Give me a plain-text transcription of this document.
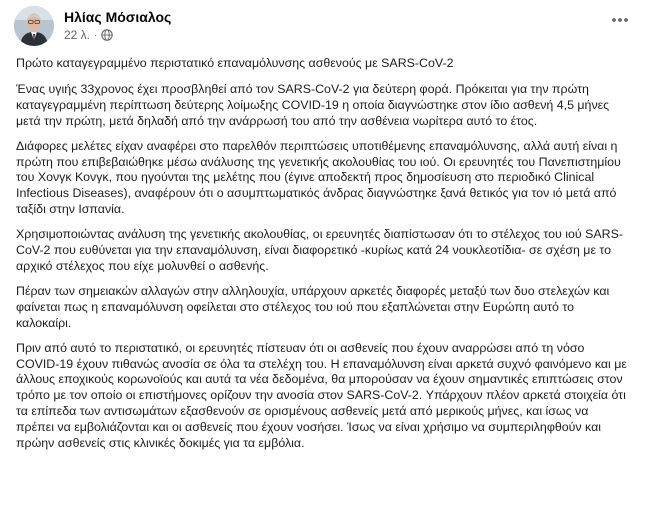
Ηλίας Μόσιαλος
22 λ. ·

Πρώτο καταγεγραμμένο περιστατικό επαναμόλυνσης ασθενούς με SARS-CoV-2

Ένας υγιής 33χρονος έχει προσβληθεί από τον SARS-CoV-2 για δεύτερη φορά. Πρόκειται για την πρώτη καταγεγραμμένη περίπτωση δεύτερης λοίμωξης COVID-19 η οποία διαγνώστηκε στον ίδιο ασθενή 4,5 μήνες μετά την πρώτη, μετά δηλαδή από την ανάρρωσή του από την ασθένεια νωρίτερα αυτό το έτος.

Διάφορες μελέτες είχαν αναφέρει στο παρελθόν περιπτώσεις υποτιθέμενης επαναμόλυνσης, αλλά αυτή είναι η πρώτη που επιβεβαιώθηκε μέσω ανάλυσης της γενετικής ακολουθίας του ιού. Οι ερευνητές του Πανεπιστημίου του Χονγκ Κονγκ, που ηγούνται της μελέτης που (έγινε αποδεκτή προς δημοσίευση στο περιοδικό Clinical Infectious Diseases), αναφέρουν ότι ο ασυμπτωματικός άνδρας διαγνώστηκε ξανά θετικός για τον ιό μετά από ταξίδι στην Ισπανία.

Χρησιμοποιώντας ανάλυση της γενετικής ακολουθίας, οι ερευνητές διαπίστωσαν ότι το στέλεχος του ιού SARS-CoV-2 που ευθύνεται για την επαναμόλυνση, είναι διαφορετικό -κυρίως κατά 24 νουκλεοτίδια- σε σχέση με το αρχικό στέλεχος που είχε μολυνθεί ο ασθενής.

Πέραν των σημειακών αλλαγών στην αλληλουχία, υπάρχουν αρκετές διαφορές μεταξύ των δυο στελεχών και φαίνεται πως η επαναμόλυνση οφείλεται στο στέλεχος του ιού που εξαπλώνεται στην Ευρώπη αυτό το καλοκαίρι.

Πριν από αυτό το περιστατικό, οι ερευνητές πίστευαν ότι οι ασθενείς που έχουν αναρρώσει από τη νόσο COVID-19 έχουν πιθανώς ανοσία σε όλα τα στελέχη του. Η επαναμόλυνση είναι αρκετά συχνό φαινόμενο και με άλλους εποχικούς κορωνοϊούς και αυτά τα νέα δεδομένα, θα μπορούσαν να έχουν σημαντικές επιπτώσεις στον τρόπο με τον οποίο οι επιστήμονες ορίζουν την ανοσία στον SARS-CoV-2. Υπάρχουν πλέον αρκετά στοιχεία ότι τα επίπεδα των αντισωμάτων εξασθενούν σε ορισμένους ασθενείς μετά από μερικούς μήνες, και ίσως να πρέπει να εμβολιάζονται και οι ασθενείς που έχουν νοσήσει. Ίσως να είναι χρήσιμο να συμπεριληφθούν και πρώην ασθενείς στις κλινικές δοκιμές για τα εμβόλια.
